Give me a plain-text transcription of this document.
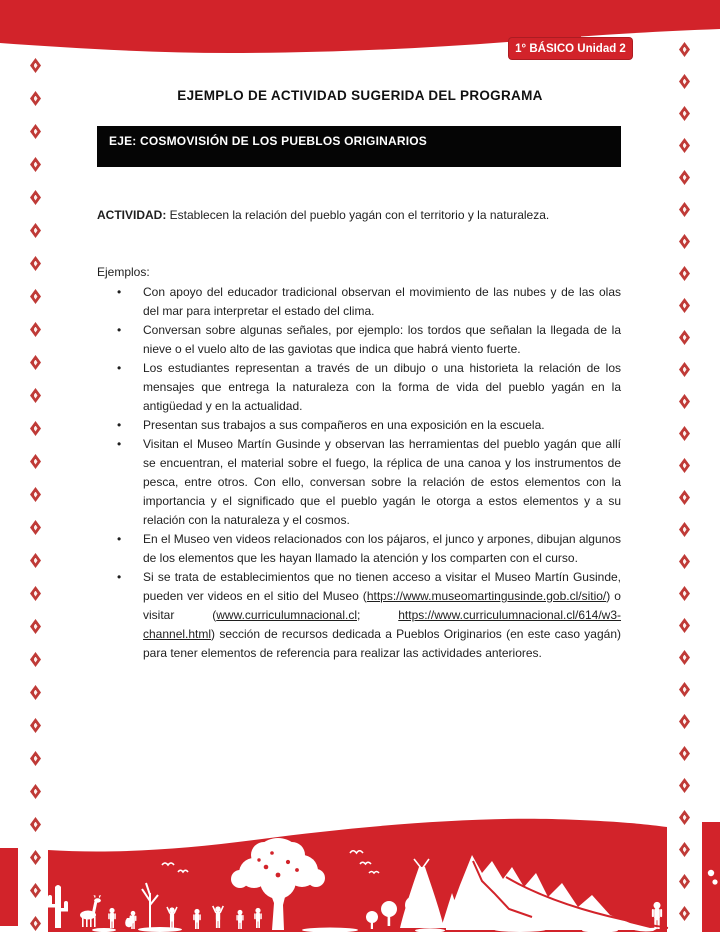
1° BÁSICO Unidad 2
EJEMPLO DE ACTIVIDAD SUGERIDA DEL PROGRAMA
EJE: COSMOVISIÓN DE LOS PUEBLOS ORIGINARIOS
ACTIVIDAD: Establecen la relación del pueblo yagán con el territorio y la naturaleza.
Ejemplos:
• Con apoyo del educador tradicional observan el movimiento de las nubes y de las olas del mar para interpretar el estado del clima.
• Conversan sobre algunas señales, por ejemplo: los tordos que señalan la llegada de la nieve o el vuelo alto de las gaviotas que indica que habrá viento fuerte.
• Los estudiantes representan a través de un dibujo o una historieta la relación de los mensajes que entrega la naturaleza con la forma de vida del pueblo yagán en la antigüedad y en la actualidad.
• Presentan sus trabajos a sus compañeros en una exposición en la escuela.
• Visitan el Museo Martín Gusinde y observan las herramientas del pueblo yagán que allí se encuentran, el material sobre el fuego, la réplica de una canoa y los instrumentos de pesca, entre otros. Con ello, conversan sobre la relación de estos elementos con la importancia y el significado que el pueblo yagán le otorga a estos elementos y a su relación con la naturaleza y el cosmos.
• En el Museo ven videos relacionados con los pájaros, el junco y arpones, dibujan algunos de los elementos que les hayan llamado la atención y los comparten con el curso.
• Si se trata de establecimientos que no tienen acceso a visitar el Museo Martín Gusinde, pueden ver videos en el sitio del Museo (https://www.museomartingusinde.gob.cl/sitio/) o visitar (www.curriculumnacional.cl; https://www.curriculumnacional.cl/614/w3-channel.html) sección de recursos dedicada a Pueblos Originarios (en este caso yagán) para tener elementos de referencia para realizar las actividades anteriores.
